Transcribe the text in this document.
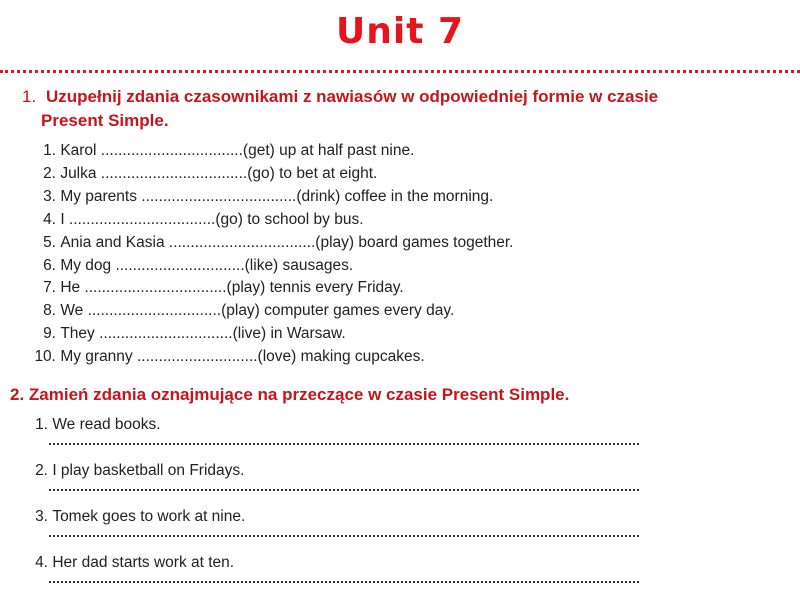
Unit 7
1. Uzupełnij zdania czasownikami z nawiasów w odpowiedniej formie w czasie
Present Simple.
1.
Karol .................................(get) up at half past nine.
2.
Julka ..................................(go) to bet at eight.
3.
My parents ....................................(drink) coffee in the morning.
4.
I ..................................(go) to school by bus.
5.
Ania and Kasia ..................................(play) board games together.
6.
My dog ..............................(like) sausages.
7.
He .................................(play) tennis every Friday.
8.
We ...............................(play) computer games every day.
9.
They ...............................(live) in Warsaw.
10.
My granny ............................(love) making cupcakes.
2. Zamień zdania oznajmujące na przeczące w czasie Present Simple.
1.
We read books.
2.
I play basketball on Fridays.
3.
Tomek goes to work at nine.
4.
Her dad starts work at ten.
